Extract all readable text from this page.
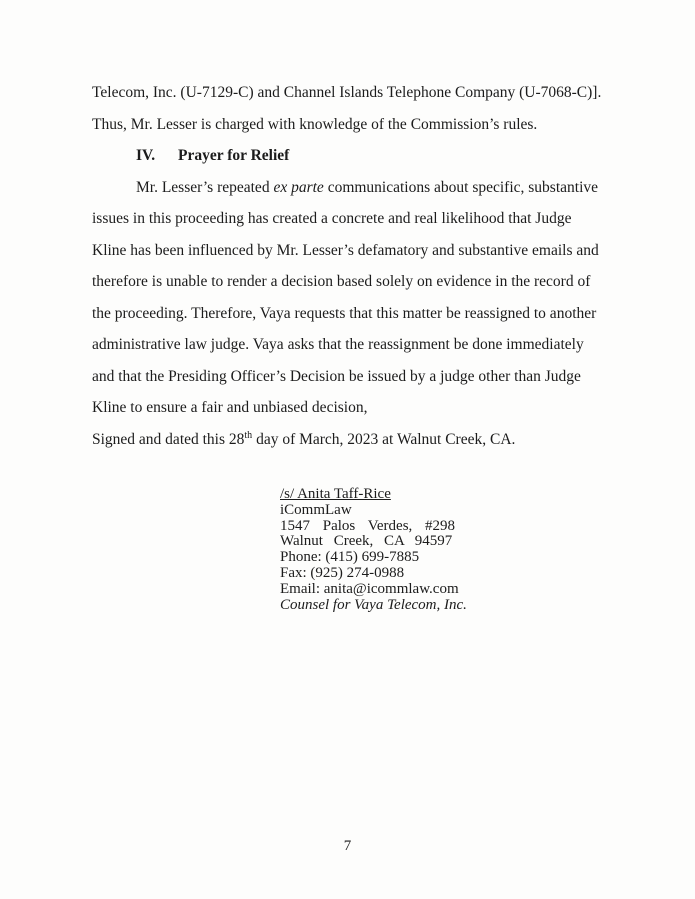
Telecom, Inc. (U-7129-C) and Channel Islands Telephone Company (U-7068-C)]. Thus, Mr. Lesser is charged with knowledge of the Commission’s rules.

IV. Prayer for Relief

Mr. Lesser’s repeated ex parte communications about specific, substantive issues in this proceeding has created a concrete and real likelihood that Judge Kline has been influenced by Mr. Lesser’s defamatory and substantive emails and therefore is unable to render a decision based solely on evidence in the record of the proceeding. Therefore, Vaya requests that this matter be reassigned to another administrative law judge. Vaya asks that the reassignment be done immediately and that the Presiding Officer’s Decision be issued by a judge other than Judge Kline to ensure a fair and unbiased decision,

Signed and dated this 28th day of March, 2023 at Walnut Creek, CA.

/s/ Anita Taff-Rice
iCommLaw
1547 Palos Verdes, #298
Walnut Creek, CA 94597
Phone: (415) 699-7885
Fax: (925) 274-0988
Email: anita@icommlaw.com
Counsel for Vaya Telecom, Inc.
7
